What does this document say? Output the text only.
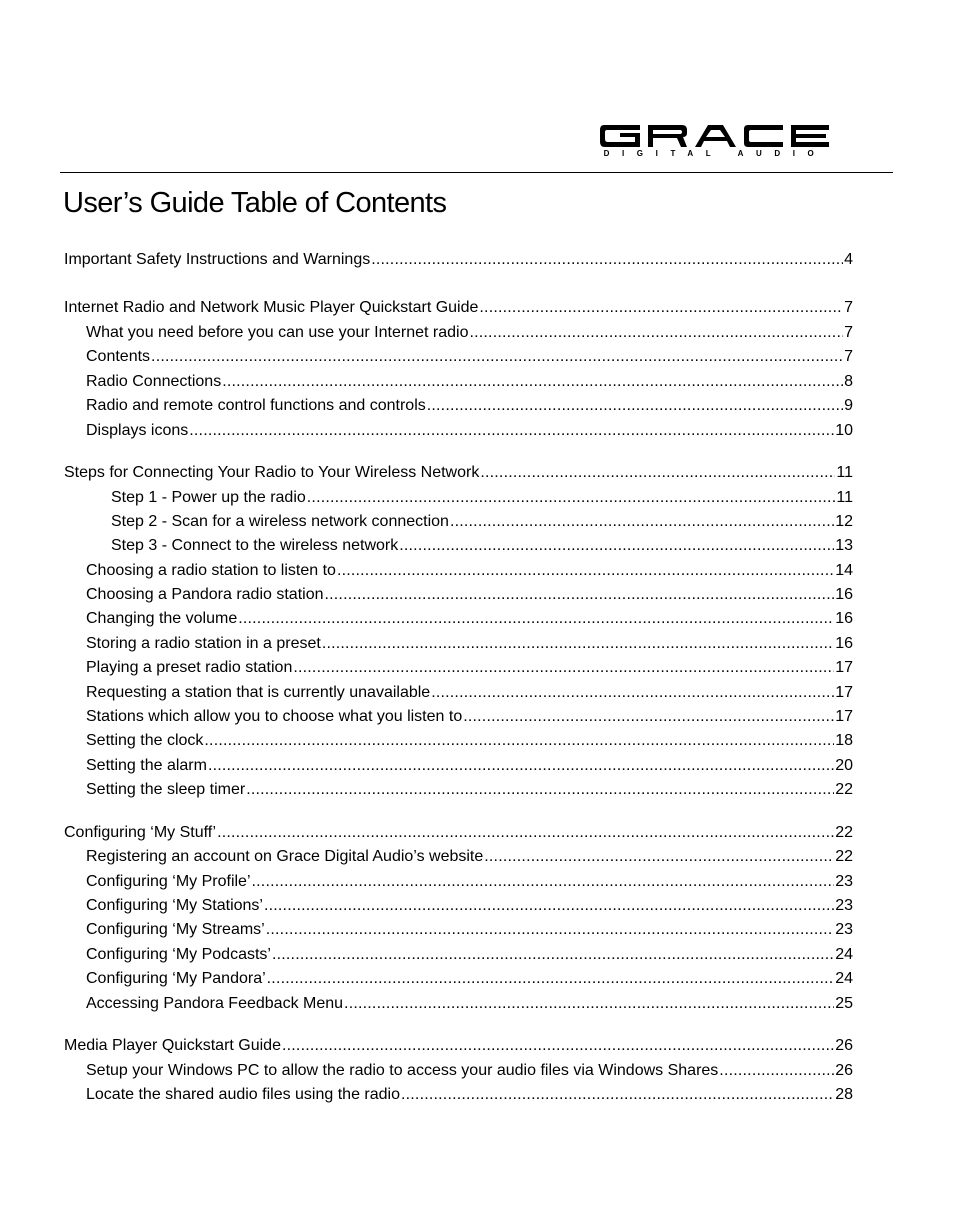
DIGITAL AUDIO
User’s Guide Table of Contents
Important Safety Instructions and Warnings .....	4
Internet Radio and Network Music Player Quickstart Guide .....	7
What you need before you can use your Internet radio .....	7
Contents .....	7
Radio Connections .....	8
Radio and remote control functions and controls .....	9
Displays icons .....	10
Steps for Connecting Your Radio to Your Wireless Network .....	11
Step 1 - Power up the radio .....	11
Step 2 - Scan for a wireless network connection .....	12
Step 3 - Connect to the wireless network .....	13
Choosing a radio station to listen to .....	14
Choosing a Pandora radio station .....	16
Changing the volume .....	16
Storing a radio station in a preset .....	16
Playing a preset radio station .....	17
Requesting a station that is currently unavailable .....	17
Stations which allow you to choose what you listen to .....	17
Setting the clock .....	18
Setting the alarm .....	20
Setting the sleep timer .....	22
Configuring ‘My Stuff’ .....	22
Registering an account on Grace Digital Audio’s website .....	22
Configuring ‘My Profile’ .....	23
Configuring ‘My Stations’ .....	23
Configuring ‘My Streams’ .....	23
Configuring ‘My Podcasts’ .....	24
Configuring ‘My Pandora’ .....	24
Accessing Pandora Feedback Menu .....	25
Media Player Quickstart Guide .....	26
Setup your Windows PC to allow the radio to access your audio files via Windows Shares .....	26
Locate the shared audio files using the radio .....	28
